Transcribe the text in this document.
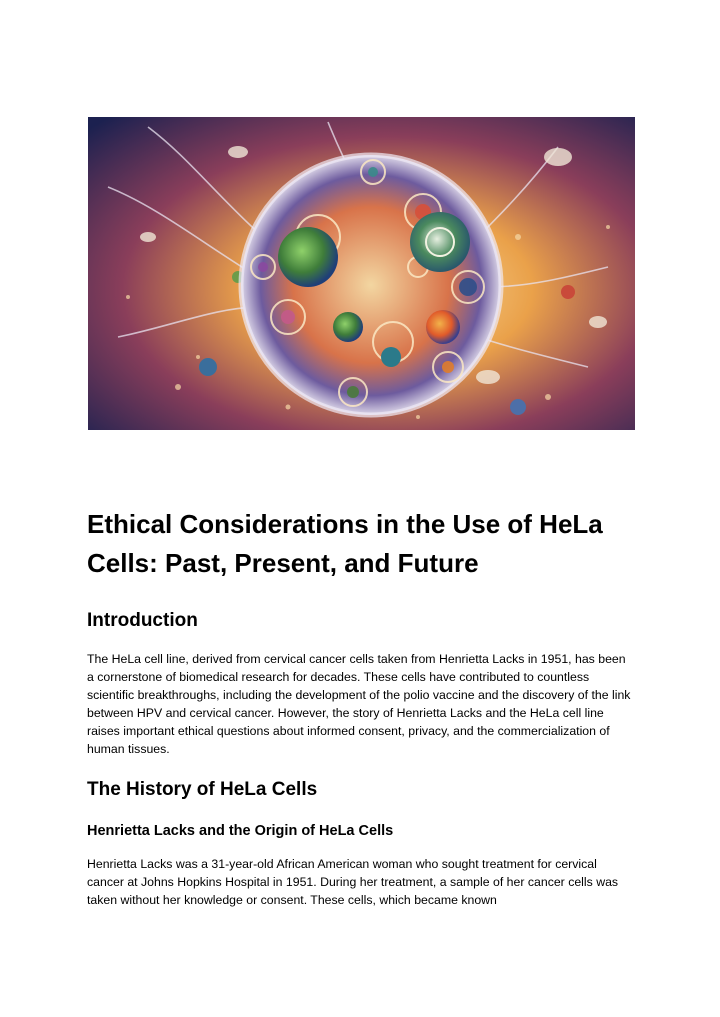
Ethical Considerations in the Use of HeLa Cells: Past, Present, and Future
Introduction

The HeLa cell line, derived from cervical cancer cells taken from Henrietta Lacks in 1951, has been a cornerstone of biomedical research for decades. These cells have contributed to countless scientific breakthroughs, including the development of the polio vaccine and the discovery of the link between HPV and cervical cancer. However, the story of Henrietta Lacks and the HeLa cell line raises important ethical questions about informed consent, privacy, and the commercialization of human tissues.

The History of HeLa Cells
Henrietta Lacks and the Origin of HeLa Cells

Henrietta Lacks was a 31-year-old African American woman who sought treatment for cervical cancer at Johns Hopkins Hospital in 1951. During her treatment, a sample of her cancer cells was taken without her knowledge or consent. These cells, which became known
